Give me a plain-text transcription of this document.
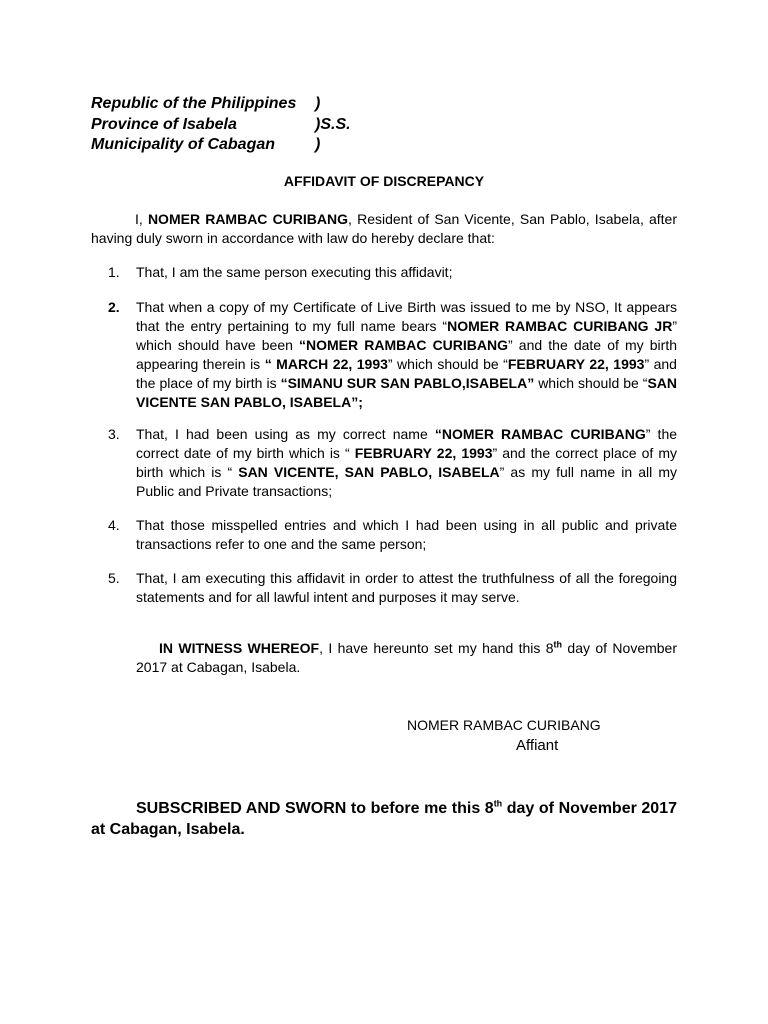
Republic of the Philippines )
Province of Isabela	)S.S.
Municipality of Cabagan )
AFFIDAVIT OF DISCREPANCY
I, NOMER RAMBAC CURIBANG, Resident of San Vicente, San Pablo, Isabela, after having duly sworn in accordance with law do hereby declare that:
1.	That, I am the same person executing this affidavit;
2.	That when a copy of my Certificate of Live Birth was issued to me by NSO, It appears that the entry pertaining to my full name bears “NOMER RAMBAC CURIBANG JR” which should have been “NOMER RAMBAC CURIBANG” and the date of my birth appearing therein is “ MARCH 22, 1993” which should be “FEBRUARY 22, 1993” and the place of my birth is “SIMANU SUR SAN PABLO,ISABELA” which should be “SAN VICENTE SAN PABLO, ISABELA”;
3.	That, I had been using as my correct name “NOMER RAMBAC CURIBANG” the correct date of my birth which is “ FEBRUARY 22, 1993” and the correct place of my birth which is “ SAN VICENTE, SAN PABLO, ISABELA” as my full name in all my Public and Private transactions;
4.	That those misspelled entries and which I had been using in all public and private transactions refer to one and the same person;
5.	That, I am executing this affidavit in order to attest the truthfulness of all the foregoing statements and for all lawful intent and purposes it may serve.
IN WITNESS WHEREOF, I have hereunto set my hand this 8th day of November 2017 at Cabagan, Isabela.
NOMER RAMBAC CURIBANG
Affiant
SUBSCRIBED AND SWORN to before me this 8th day of November 2017 at Cabagan, Isabela.
